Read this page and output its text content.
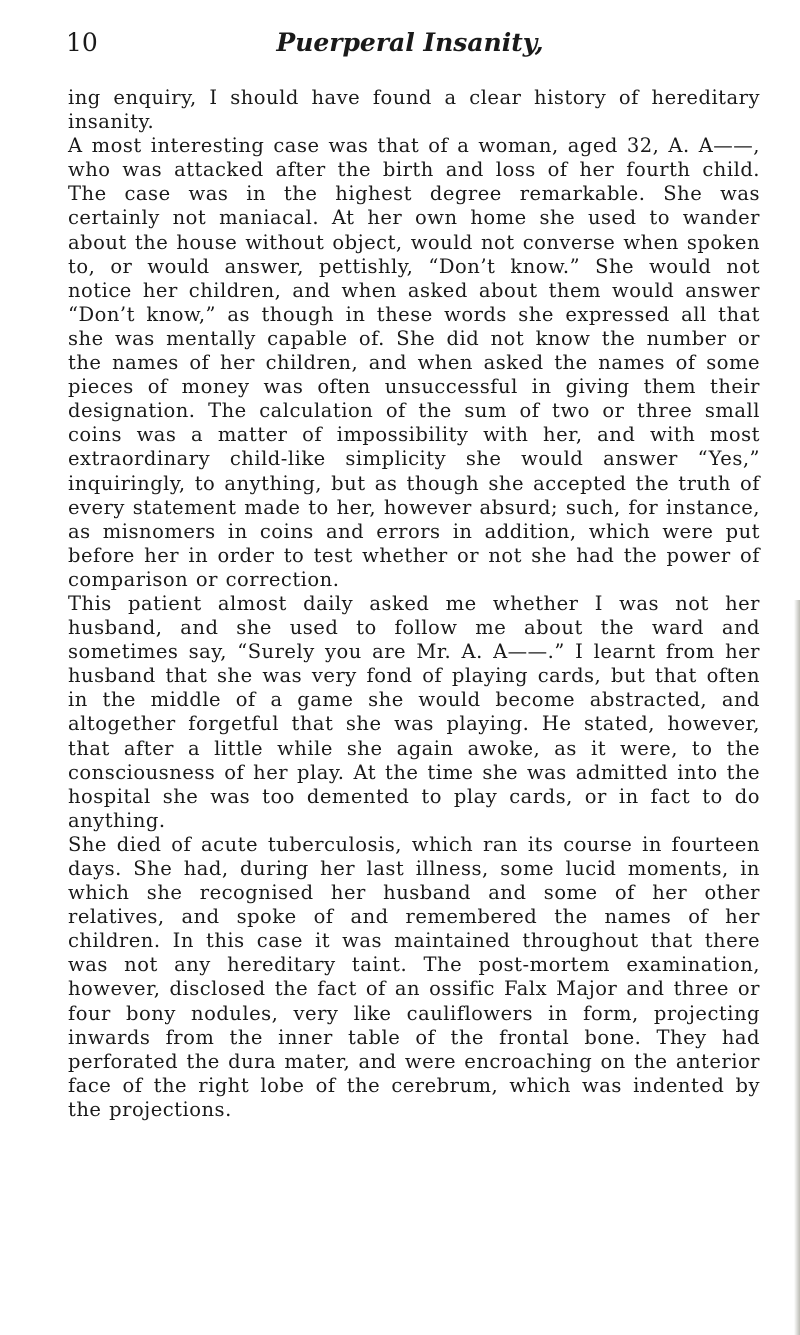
10	Puerperal Insanity,

ing enquiry, I should have found a clear history of hereditary insanity.

A most interesting case was that of a woman, aged 32, A. A——, who was attacked after the birth and loss of her fourth child. The case was in the highest degree remarkable. She was certainly not maniacal. At her own home she used to wander about the house without object, would not converse when spoken to, or would answer, pettishly, “Don’t know.” She would not notice her children, and when asked about them would answer “Don’t know,” as though in these words she expressed all that she was mentally capable of. She did not know the number or the names of her children, and when asked the names of some pieces of money was often unsuccessful in giving them their designation. The calculation of the sum of two or three small coins was a matter of impossibility with her, and with most extraordinary child-like simplicity she would answer “Yes,” inquiringly, to anything, but as though she accepted the truth of every statement made to her, however absurd; such, for instance, as misnomers in coins and errors in addition, which were put before her in order to test whether or not she had the power of comparison or correction.

This patient almost daily asked me whether I was not her husband, and she used to follow me about the ward and sometimes say, “Surely you are Mr. A. A——.” I learnt from her husband that she was very fond of playing cards, but that often in the middle of a game she would become abstracted, and altogether forgetful that she was playing. He stated, however, that after a little while she again awoke, as it were, to the consciousness of her play. At the time she was admitted into the hospital she was too demented to play cards, or in fact to do anything.

She died of acute tuberculosis, which ran its course in fourteen days. She had, during her last illness, some lucid moments, in which she recognised her husband and some of her other relatives, and spoke of and remembered the names of her children. In this case it was maintained throughout that there was not any hereditary taint. The post-mortem examination, however, disclosed the fact of an ossific Falx Major and three or four bony nodules, very like cauliflowers in form, projecting inwards from the inner table of the frontal bone. They had perforated the dura mater, and were encroaching on the anterior face of the right lobe of the cerebrum, which was indented by the projections.
